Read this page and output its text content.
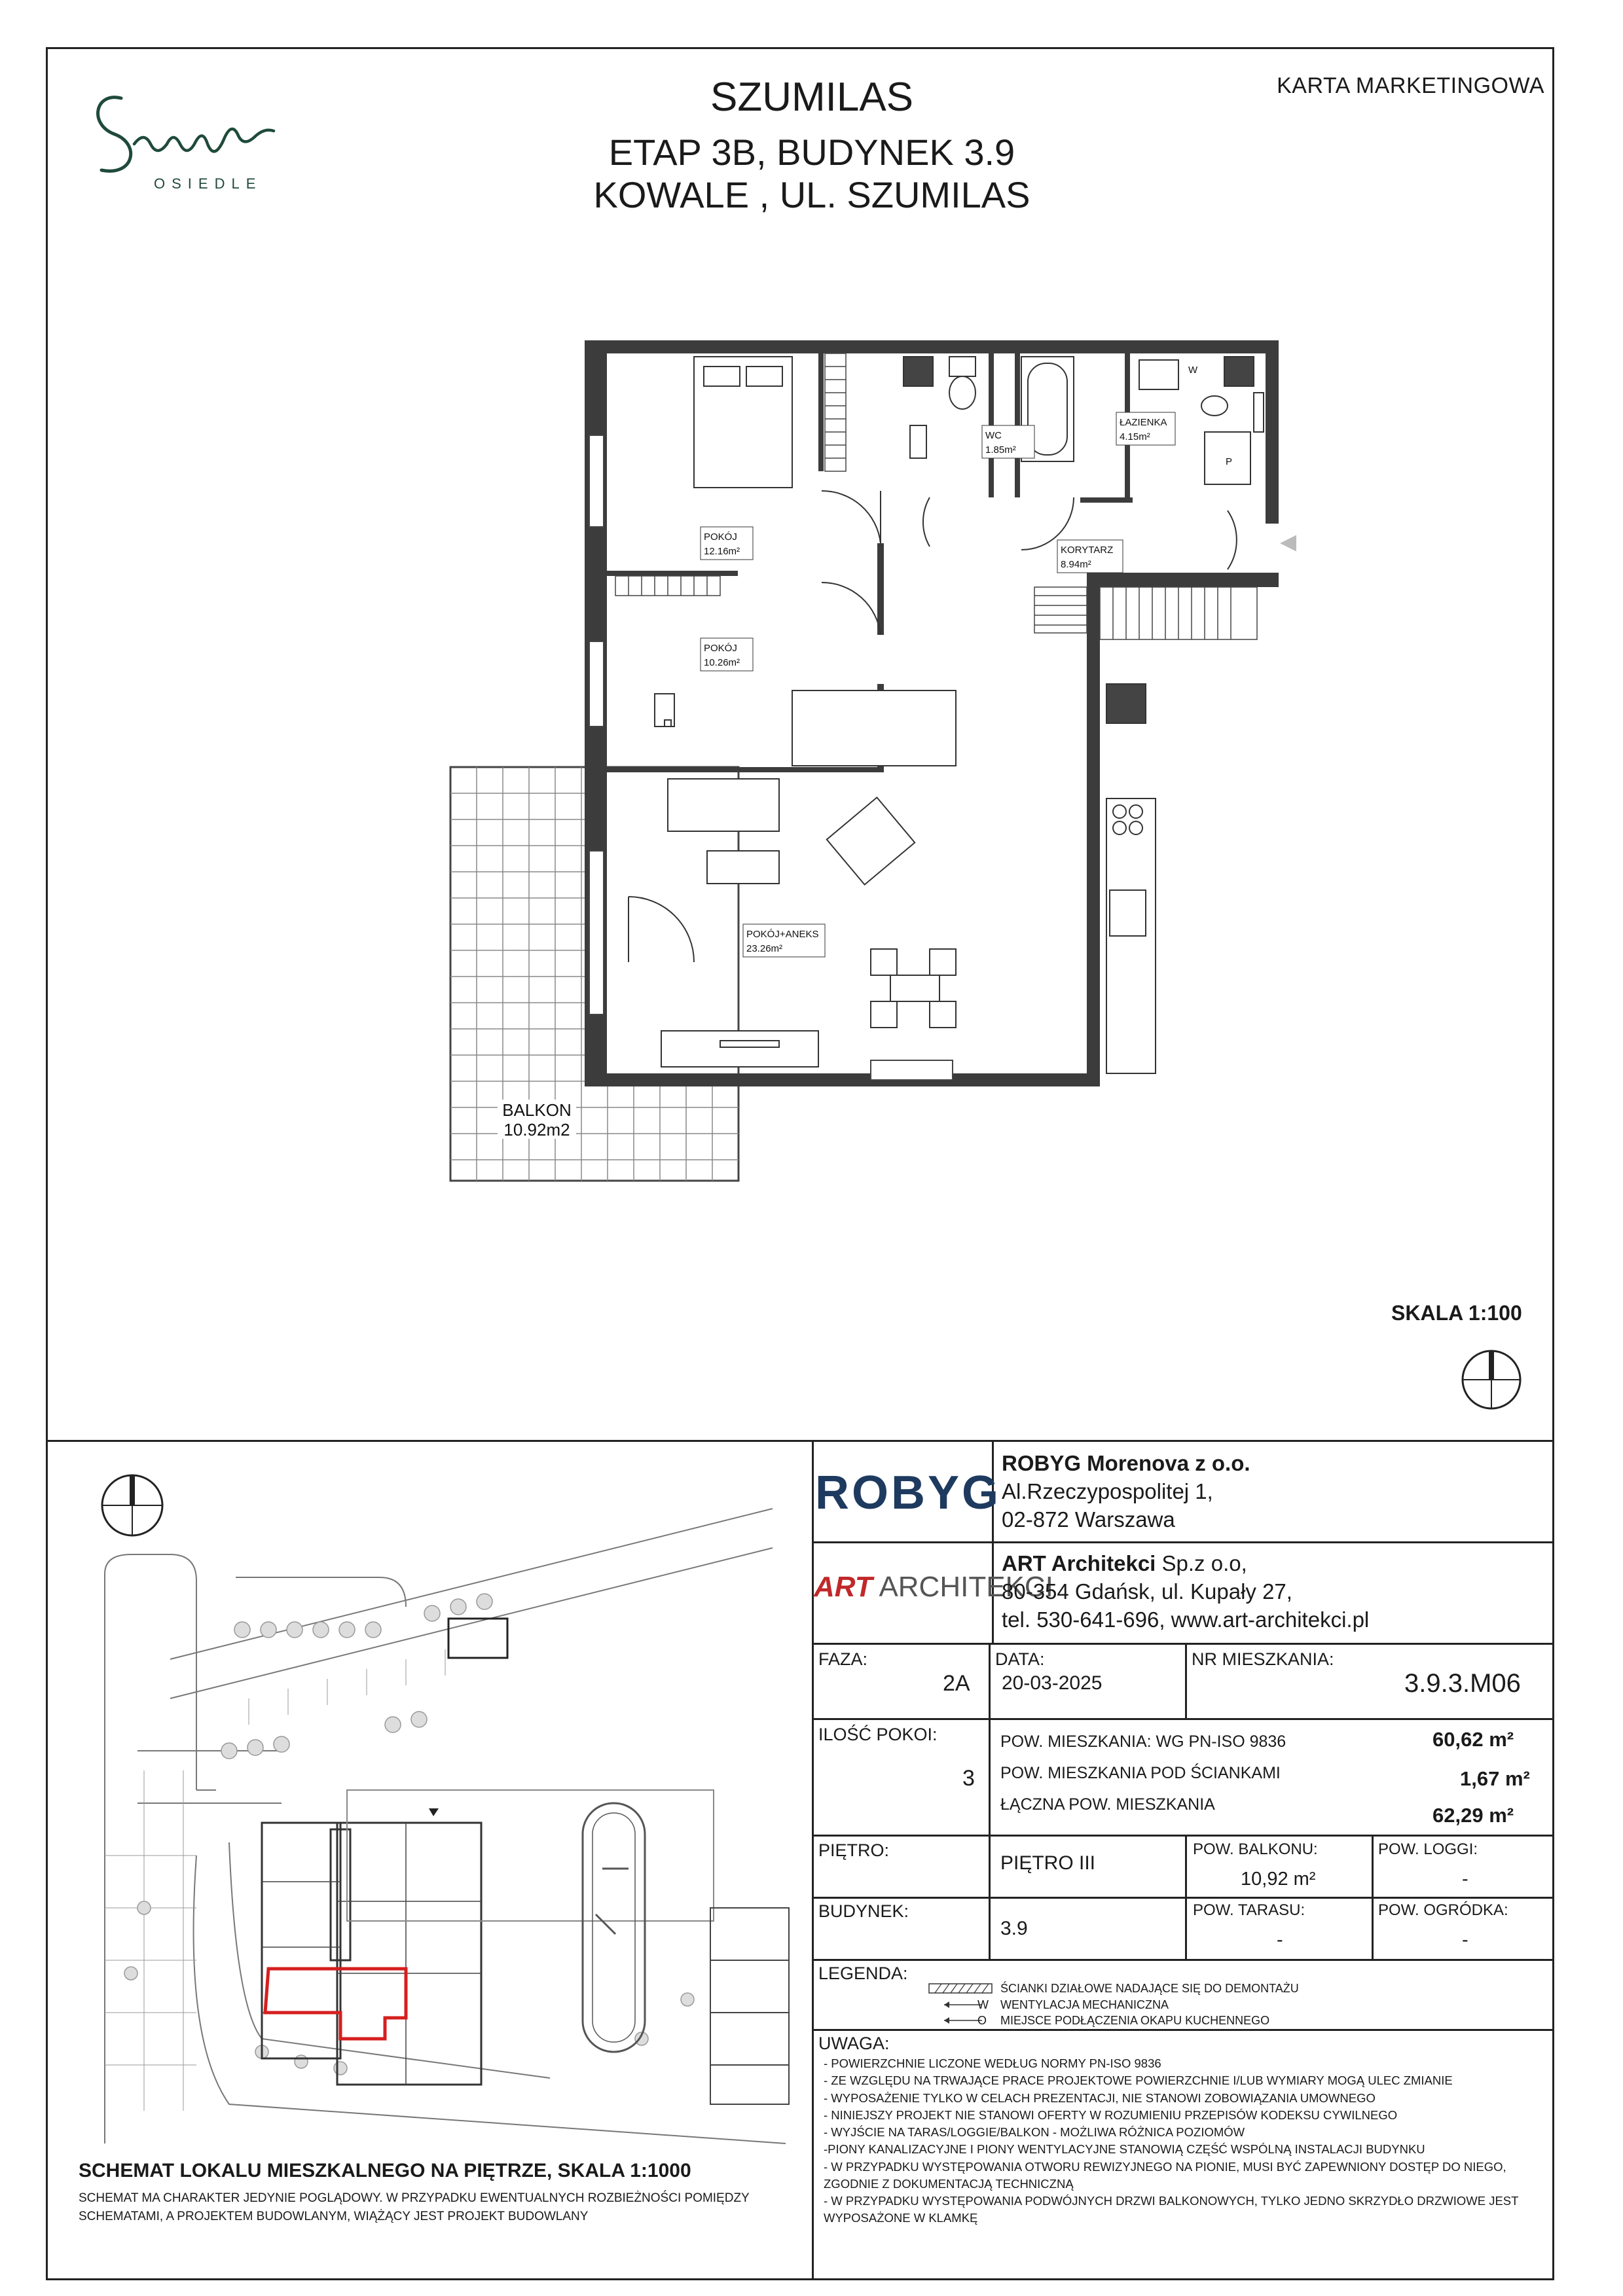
OSIEDLE
SZUMILAS
ETAP 3B, BUDYNEK 3.9
KOWALE , UL. SZUMILAS
KARTA MARKETINGOWA
BALKON
10.92m2
POKÓJ
12.16m²
WC
1.85m²
ŁAZIENKA
4.15m²
KORYTARZ
8.94m²
POKÓJ
10.26m²
POKÓJ+ANEKS
23.26m²
W
P
SKALA 1:100
SCHEMAT LOKALU MIESZKALNEGO NA PIĘTRZE, SKALA 1:1000
SCHEMAT MA CHARAKTER JEDYNIE POGLĄDOWY. W PRZYPADKU EWENTUALNYCH ROZBIEŻNOŚCI POMIĘDZY SCHEMATAMI, A PROJEKTEM BUDOWLANYM, WIĄŻĄCY JEST PROJEKT BUDOWLANY
ROBYG
ROBYG Morenova z o.o.
Al.Rzeczypospolitej 1,
02-872 Warszawa
ART ARCHITEKCI
ART Architekci Sp.z o.o,
80-354 Gdańsk, ul. Kupały 27,
tel. 530-641-696, www.art-architekci.pl
FAZA:
2A
DATA:
20-03-2025
NR MIESZKANIA:
3.9.3.M06
ILOŚĆ POKOI:
3
POW. MIESZKANIA: WG PN-ISO 9836	60,62 m²
POW. MIESZKANIA POD ŚCIANKAMI	1,67 m²
ŁĄCZNA POW. MIESZKANIA	62,29 m²
PIĘTRO:
PIĘTRO III
POW. BALKONU:
10,92 m²
POW. LOGGI:
-
BUDYNEK:
3.9
POW. TARASU:
-
POW. OGRÓDKA:
-
LEGENDA:
ŚCIANKI DZIAŁOWE NADAJĄCE SIĘ DO DEMONTAŻU
W WENTYLACJA MECHANICZNA
O MIEJSCE PODŁĄCZENIA OKAPU KUCHENNEGO
UWAGA:
- POWIERZCHNIE LICZONE WEDŁUG NORMY PN-ISO 9836
- ZE WZGLĘDU NA TRWAJĄCE PRACE PROJEKTOWE POWIERZCHNIE I/LUB WYMIARY MOGĄ ULEC ZMIANIE
- WYPOSAŻENIE TYLKO W CELACH PREZENTACJI, NIE STANOWI ZOBOWIĄZANIA UMOWNEGO
- NINIEJSZY PROJEKT NIE STANOWI OFERTY W ROZUMIENIU PRZEPISÓW KODEKSU CYWILNEGO
- WYJŚCIE NA TARAS/LOGGIE/BALKON - MOŻLIWA RÓŻNICA POZIOMÓW
-PIONY KANALIZACYJNE I PIONY WENTYLACYJNE STANOWIĄ CZĘŚĆ WSPÓLNĄ INSTALACJI BUDYNKU
- W PRZYPADKU WYSTĘPOWANIA OTWORU REWIZYJNEGO NA PIONIE, MUSI BYĆ ZAPEWNIONY DOSTĘP DO NIEGO,
ZGODNIE Z DOKUMENTACJĄ TECHNICZNĄ
- W PRZYPADKU WYSTĘPOWANIA PODWÓJNYCH DRZWI BALKONOWYCH, TYLKO JEDNO SKRZYDŁO DRZWIOWE JEST
WYPOSAŻONE W KLAMKĘ
